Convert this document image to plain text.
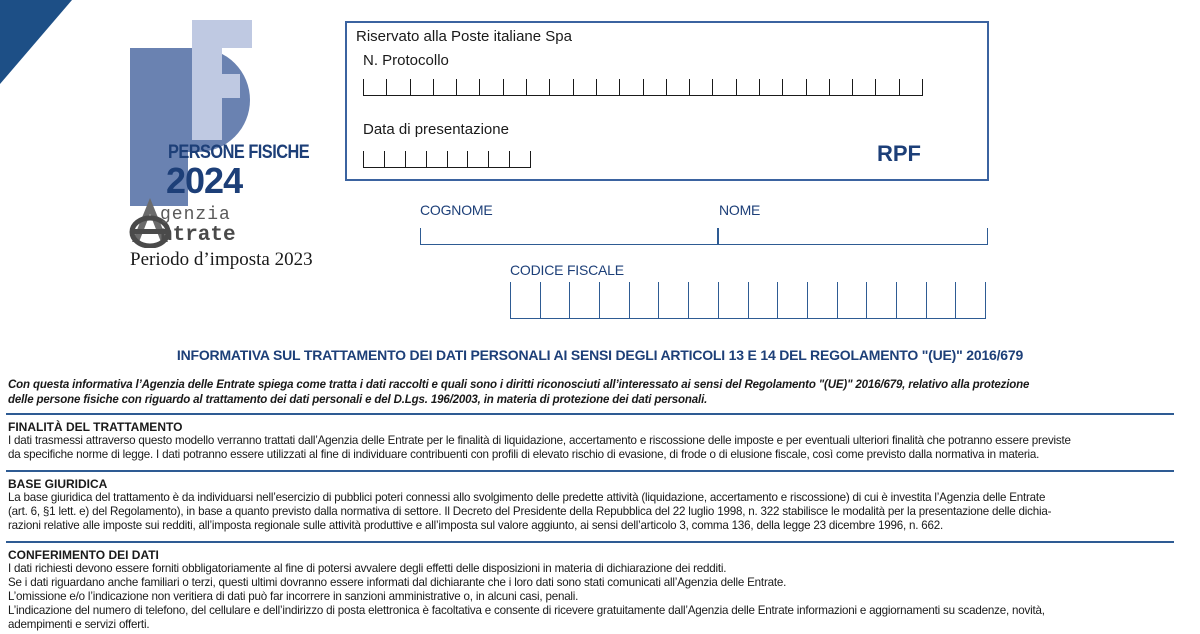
PERSONE FISICHE
2024
genzia
ntrate
Periodo d’imposta 2023
Riservato alla Poste italiane Spa
N. Protocollo
Data di presentazione
RPF
COGNOME	NOME
CODICE FISCALE
INFORMATIVA SUL TRATTAMENTO DEI DATI PERSONALI AI SENSI DEGLI ARTICOLI 13 E 14 DEL REGOLAMENTO "(UE)" 2016/679
Con questa informativa l’Agenzia delle Entrate spiega come tratta i dati raccolti e quali sono i diritti riconosciuti all’interessato ai sensi del Regolamento "(UE)" 2016/679, relativo alla protezione
delle persone fisiche con riguardo al trattamento dei dati personali e del D.Lgs. 196/2003, in materia di protezione dei dati personali.
FINALITÀ DEL TRATTAMENTO

I dati trasmessi attraverso questo modello verranno trattati dall’Agenzia delle Entrate per le finalità di liquidazione, accertamento e riscossione delle imposte e per eventuali ulteriori finalità che potranno essere previste

da specifiche norme di legge. I dati potranno essere utilizzati al fine di individuare contribuenti con profili di elevato rischio di evasione, di frode o di elusione fiscale, così come previsto dalla normativa in materia.

BASE GIURIDICA

La base giuridica del trattamento è da individuarsi nell’esercizio di pubblici poteri connessi allo svolgimento delle predette attività (liquidazione, accertamento e riscossione) di cui è investita l’Agenzia delle Entrate

(art. 6, §1 lett. e) del Regolamento), in base a quanto previsto dalla normativa di settore. Il Decreto del Presidente della Repubblica del 22 luglio 1998, n. 322 stabilisce le modalità per la presentazione delle dichia-

razioni relative alle imposte sui redditi, all’imposta regionale sulle attività produttive e all’imposta sul valore aggiunto, ai sensi dell’articolo 3, comma 136, della legge 23 dicembre 1996, n. 662.

CONFERIMENTO DEI DATI

I dati richiesti devono essere forniti obbligatoriamente al fine di potersi avvalere degli effetti delle disposizioni in materia di dichiarazione dei redditi.

Se i dati riguardano anche familiari o terzi, questi ultimi dovranno essere informati dal dichiarante che i loro dati sono stati comunicati all’Agenzia delle Entrate.

L’omissione e/o l’indicazione non veritiera di dati può far incorrere in sanzioni amministrative o, in alcuni casi, penali.

L’indicazione del numero di telefono, del cellulare e dell’indirizzo di posta elettronica è facoltativa e consente di ricevere gratuitamente dall’Agenzia delle Entrate informazioni e aggiornamenti su scadenze, novità,

adempimenti e servizi offerti.
